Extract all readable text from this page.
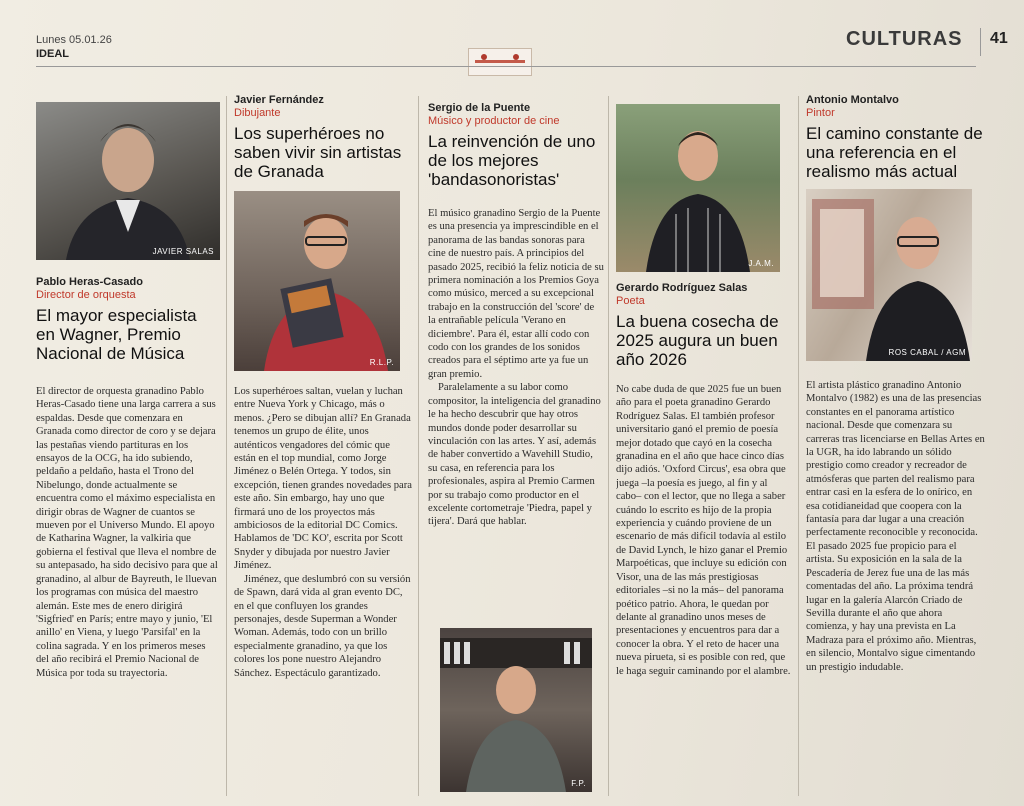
Lunes 05.01.26
IDEAL
CULTURAS 41
JAVIER SALAS
Pablo Heras-Casado
Director de orquesta
El mayor especialista en Wagner, Premio Nacional de Música

El director de orquesta granadino Pablo Heras-Casado tiene una larga carrera a sus espaldas. Desde que comenzara en Granada como director de coro y se dejara las pestañas viendo partituras en los ensayos de la OCG, ha ido subiendo, peldaño a peldaño, hasta el Trono del Nibelungo, donde actualmente se encuentra como el máximo especialista en dirigir obras de Wagner de cuantos se mueven por el Universo Mundo. El apoyo de Katharina Wagner, la valkiria que gobierna el festival que lleva el nombre de su antepasado, ha sido decisivo para que al granadino, al albur de Bayreuth, le lluevan los programas con música del maestro alemán. Este mes de enero dirigirá 'Sigfried' en París; entre mayo y junio, 'El anillo' en Viena, y luego 'Parsifal' en la colina sagrada. Y en los primeros meses del año recibirá el Premio Nacional de Música por toda su trayectoria.

Javier Fernández
Dibujante
Los superhéroes no saben vivir sin artistas de Granada
R.L.P.

Los superhéroes saltan, vuelan y luchan entre Nueva York y Chicago, más o menos. ¿Pero se dibujan allí? En Granada tenemos un grupo de élite, unos auténticos vengadores del cómic que están en el top mundial, como Jorge Jiménez o Belén Ortega. Y todos, sin excepción, tienen grandes novedades para este año. Sin embargo, hay uno que firmará uno de los proyectos más ambiciosos de la editorial DC Comics. Hablamos de 'DC KO', escrita por Scott Snyder y dibujada por nuestro Javier Jiménez.

Jiménez, que deslumbró con su versión de Spawn, dará vida al gran evento DC, en el que confluyen los grandes personajes, desde Superman a Wonder Woman. Además, todo con un brillo especialmente granadino, ya que los colores los pone nuestro Alejandro Sánchez. Espectáculo garantizado.

Sergio de la Puente
Músico y productor de cine
La reinvención de uno de los mejores 'bandasonoristas'

El músico granadino Sergio de la Puente es una presencia ya imprescindible en el panorama de las bandas sonoras para cine de nuestro país. A principios del pasado 2025, recibió la feliz noticia de su primera nominación a los Premios Goya como músico, merced a su excepcional trabajo en la construcción del 'score' de la entrañable película 'Verano en diciembre'. Para él, estar allí codo con codo con los grandes de los sonidos creados para el séptimo arte ya fue un gran premio.

Paralelamente a su labor como compositor, la inteligencia del granadino le ha hecho descubrir que hay otros mundos donde poder desarrollar su vinculación con las artes. Y así, además de haber convertido a Wavehill Studio, su casa, en referencia para los profesionales, aspira al Premio Carmen por su trabajo como productor en el excelente cortometraje 'Piedra, papel y tijera'. Dará que hablar.

F.P.
J.A.M.
Gerardo Rodríguez Salas
Poeta
La buena cosecha de 2025 augura un buen año 2026

No cabe duda de que 2025 fue un buen año para el poeta granadino Gerardo Rodríguez Salas. El también profesor universitario ganó el premio de poesía mejor dotado que cayó en la cosecha granadina en el año que hace cinco días dijo adiós. 'Oxford Circus', esa obra que juega –la poesía es juego, al fin y al cabo– con el lector, que no llega a saber cuándo lo escrito es hijo de la propia experiencia y cuándo proviene de un escenario de más difícil todavía al estilo de David Lynch, le hizo ganar el Premio Marpoéticas, que incluye su edición con Visor, una de las más prestigiosas editoriales –si no la más– del panorama poético patrio. Ahora, le quedan por delante al granadino unos meses de presentaciones y encuentros para dar a conocer la obra. Y el reto de hacer una nueva pirueta, si es posible con red, que le haga seguir caminando por el alambre.

Antonio Montalvo
Pintor
El camino constante de una referencia en el realismo más actual
ROS CABAL / AGM

El artista plástico granadino Antonio Montalvo (1982) es una de las presencias constantes en el panorama artístico nacional. Desde que comenzara su carreras tras licenciarse en Bellas Artes en la UGR, ha ido labrando un sólido prestigio como creador y recreador de atmósferas que parten del realismo para entrar casi en la esfera de lo onírico, en esa cotidianeidad que coopera con la fantasía para dar lugar a una creación perfectamente reconocible y reconocida. El pasado 2025 fue propicio para el artista. Su exposición en la sala de la Pescadería de Jerez fue una de las más comentadas del año. La próxima tendrá lugar en la galería Alarcón Criado de Sevilla durante el año que ahora comienza, y hay una prevista en La Madraza para el próximo año. Mientras, en silencio, Montalvo sigue cimentando un prestigio indudable.
